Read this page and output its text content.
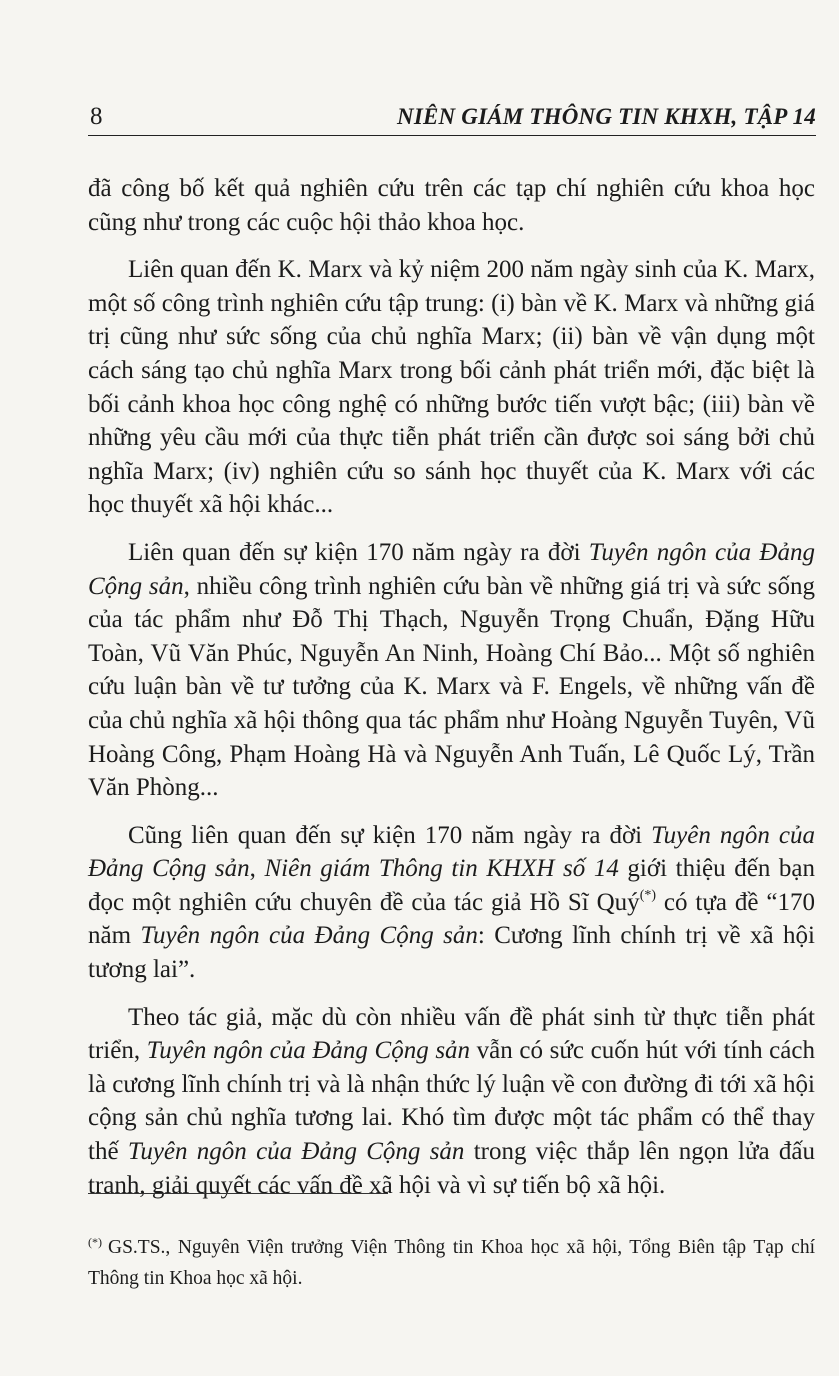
8	NIÊN GIÁM THÔNG TIN KHXH, TẬP 14

đã công bố kết quả nghiên cứu trên các tạp chí nghiên cứu khoa học cũng như trong các cuộc hội thảo khoa học.

Liên quan đến K. Marx và kỷ niệm 200 năm ngày sinh của K. Marx, một số công trình nghiên cứu tập trung: (i) bàn về K. Marx và những giá trị cũng như sức sống của chủ nghĩa Marx; (ii) bàn về vận dụng một cách sáng tạo chủ nghĩa Marx trong bối cảnh phát triển mới, đặc biệt là bối cảnh khoa học công nghệ có những bước tiến vượt bậc; (iii) bàn về những yêu cầu mới của thực tiễn phát triển cần được soi sáng bởi chủ nghĩa Marx; (iv) nghiên cứu so sánh học thuyết của K. Marx với các học thuyết xã hội khác...

Liên quan đến sự kiện 170 năm ngày ra đời Tuyên ngôn của Đảng Cộng sản, nhiều công trình nghiên cứu bàn về những giá trị và sức sống của tác phẩm như Đỗ Thị Thạch, Nguyễn Trọng Chuẩn, Đặng Hữu Toàn, Vũ Văn Phúc, Nguyễn An Ninh, Hoàng Chí Bảo... Một số nghiên cứu luận bàn về tư tưởng của K. Marx và F. Engels, về những vấn đề của chủ nghĩa xã hội thông qua tác phẩm như Hoàng Nguyễn Tuyên, Vũ Hoàng Công, Phạm Hoàng Hà và Nguyễn Anh Tuấn, Lê Quốc Lý, Trần Văn Phòng...

Cũng liên quan đến sự kiện 170 năm ngày ra đời Tuyên ngôn của Đảng Cộng sản, Niên giám Thông tin KHXH số 14 giới thiệu đến bạn đọc một nghiên cứu chuyên đề của tác giả Hồ Sĩ Quý(*) có tựa đề “170 năm Tuyên ngôn của Đảng Cộng sản: Cương lĩnh chính trị về xã hội tương lai”.

Theo tác giả, mặc dù còn nhiều vấn đề phát sinh từ thực tiễn phát triển, Tuyên ngôn của Đảng Cộng sản vẫn có sức cuốn hút với tính cách là cương lĩnh chính trị và là nhận thức lý luận về con đường đi tới xã hội cộng sản chủ nghĩa tương lai. Khó tìm được một tác phẩm có thể thay thế Tuyên ngôn của Đảng Cộng sản trong việc thắp lên ngọn lửa đấu tranh, giải quyết các vấn đề xã hội và vì sự tiến bộ xã hội.

(*) GS.TS., Nguyên Viện trưởng Viện Thông tin Khoa học xã hội, Tổng Biên tập Tạp chí Thông tin Khoa học xã hội.
